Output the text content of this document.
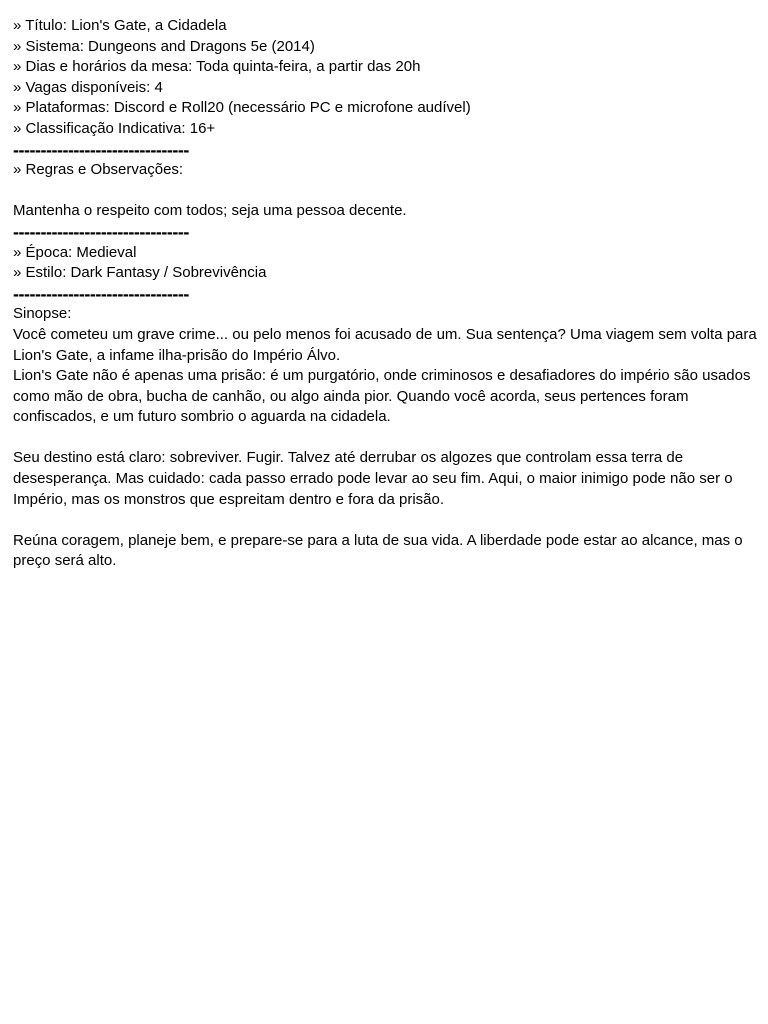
» Título: Lion's Gate, a Cidadela

» Sistema: Dungeons and Dragons 5e (2014)

» Dias e horários da mesa: Toda quinta-feira, a partir das 20h

» Vagas disponíveis: 4

» Plataformas: Discord e Roll20 (necessário PC e microfone audível)

» Classificação Indicativa: 16+

--------------------------------

» Regras e Observações:

Mantenha o respeito com todos; seja uma pessoa decente.

--------------------------------

» Época: Medieval

» Estilo: Dark Fantasy / Sobrevivência

--------------------------------

Sinopse:

Você cometeu um grave crime... ou pelo menos foi acusado de um. Sua sentença? Uma viagem sem volta para Lion's Gate, a infame ilha-prisão do Império Álvo.

Lion's Gate não é apenas uma prisão: é um purgatório, onde criminosos e desafiadores do império são usados como mão de obra, bucha de canhão, ou algo ainda pior. Quando você acorda, seus pertences foram confiscados, e um futuro sombrio o aguarda na cidadela.

Seu destino está claro: sobreviver. Fugir. Talvez até derrubar os algozes que controlam essa terra de desesperança. Mas cuidado: cada passo errado pode levar ao seu fim. Aqui, o maior inimigo pode não ser o Império, mas os monstros que espreitam dentro e fora da prisão.

Reúna coragem, planeje bem, e prepare-se para a luta de sua vida. A liberdade pode estar ao alcance, mas o preço será alto.
